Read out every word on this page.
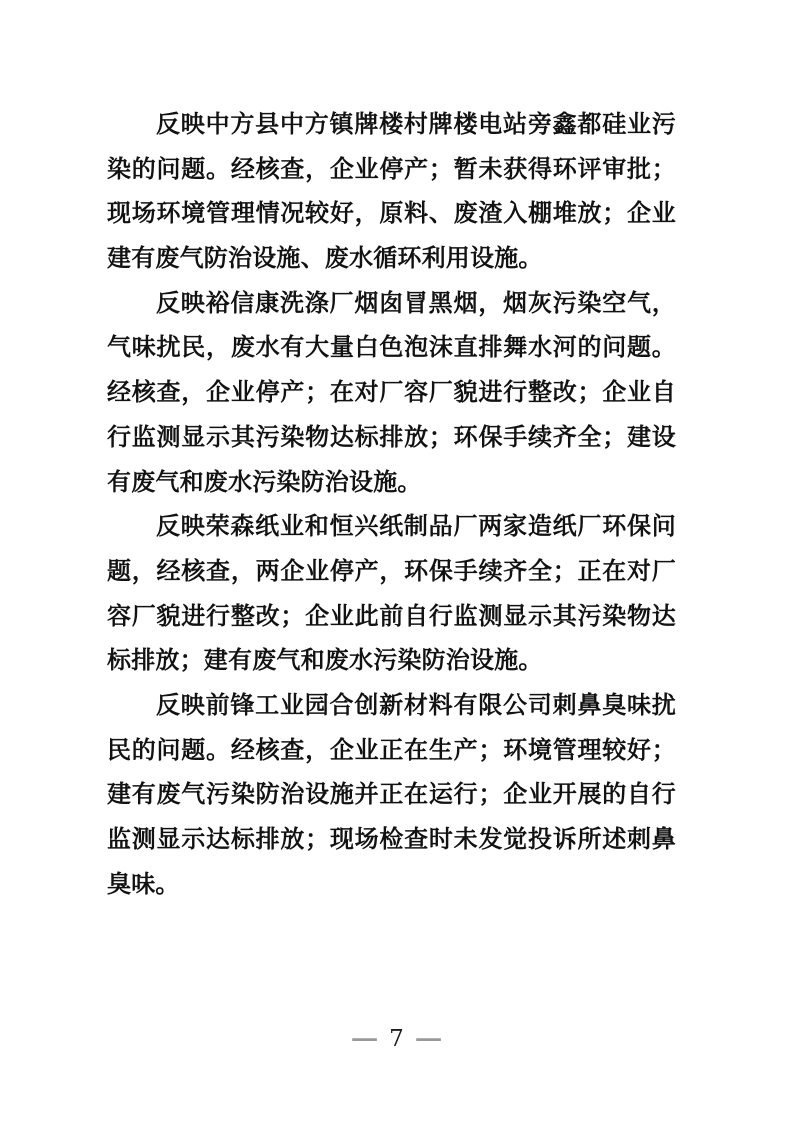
反映中方县中方镇牌楼村牌楼电站旁鑫都硅业污
染的问题。经核查，企业停产；暂未获得环评审批；
现场环境管理情况较好，原料、废渣入棚堆放；企业
建有废气防治设施、废水循环利用设施。
反映裕信康洗涤厂烟囱冒黑烟，烟灰污染空气，
气味扰民，废水有大量白色泡沫直排舞水河的问题。
经核查，企业停产；在对厂容厂貌进行整改；企业自
行监测显示其污染物达标排放；环保手续齐全；建设
有废气和废水污染防治设施。
反映荣森纸业和恒兴纸制品厂两家造纸厂环保问
题，经核查，两企业停产，环保手续齐全；正在对厂
容厂貌进行整改；企业此前自行监测显示其污染物达
标排放；建有废气和废水污染防治设施。
反映前锋工业园合创新材料有限公司刺鼻臭味扰
民的问题。经核查，企业正在生产；环境管理较好；
建有废气污染防治设施并正在运行；企业开展的自行
监测显示达标排放；现场检查时未发觉投诉所述刺鼻
臭味。
— 7 —
